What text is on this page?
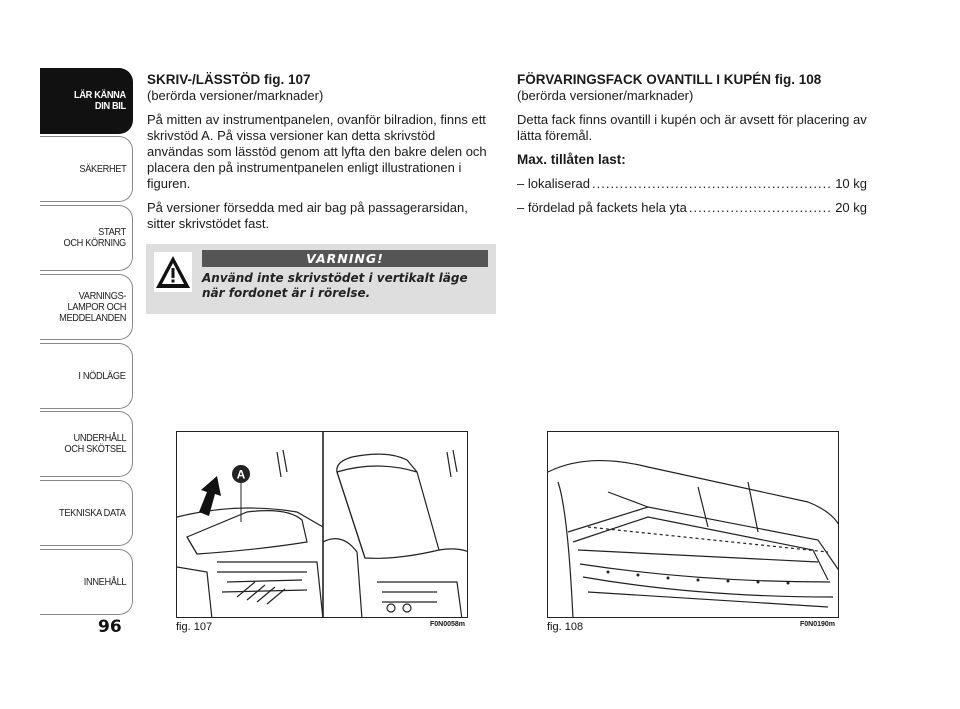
LÄR KÄNNA
DIN BIL
SÄKERHET
START
OCH KÖRNING
VARNINGS-
LAMPOR OCH
MEDDELANDEN
I NÖDLÄGE
UNDERHÅLL
OCH SKÖTSEL
TEKNISKA DATA
INNEHÅLL
96
SKRIV-/LÄSSTÖD fig. 107

(berörda versioner/marknader)

På mitten av instrumentpanelen, ovanför bilradion, finns ett skrivstöd A. På vissa versioner kan detta skrivstöd användas som lässtöd genom att lyfta den bakre delen och placera den på instrumentpanelen enligt illustrationen i figuren.

På versioner försedda med air bag på passagerarsidan, sitter skrivstödet fast.

VARNING!
Använd inte skrivstödet i vertikalt läge när fordonet är i rörelse.
FÖRVARINGSFACK OVANTILL I KUPÉN fig. 108

(berörda versioner/marknader)

Detta fack finns ovantill i kupén och är avsett för placering av lätta föremål.

Max. tillåten last:

– lokaliserad .....	10 kg
– fördelad på fackets hela yta .....	20 kg
A
fig. 107	F0N0058m	fig. 108	F0N0190m
